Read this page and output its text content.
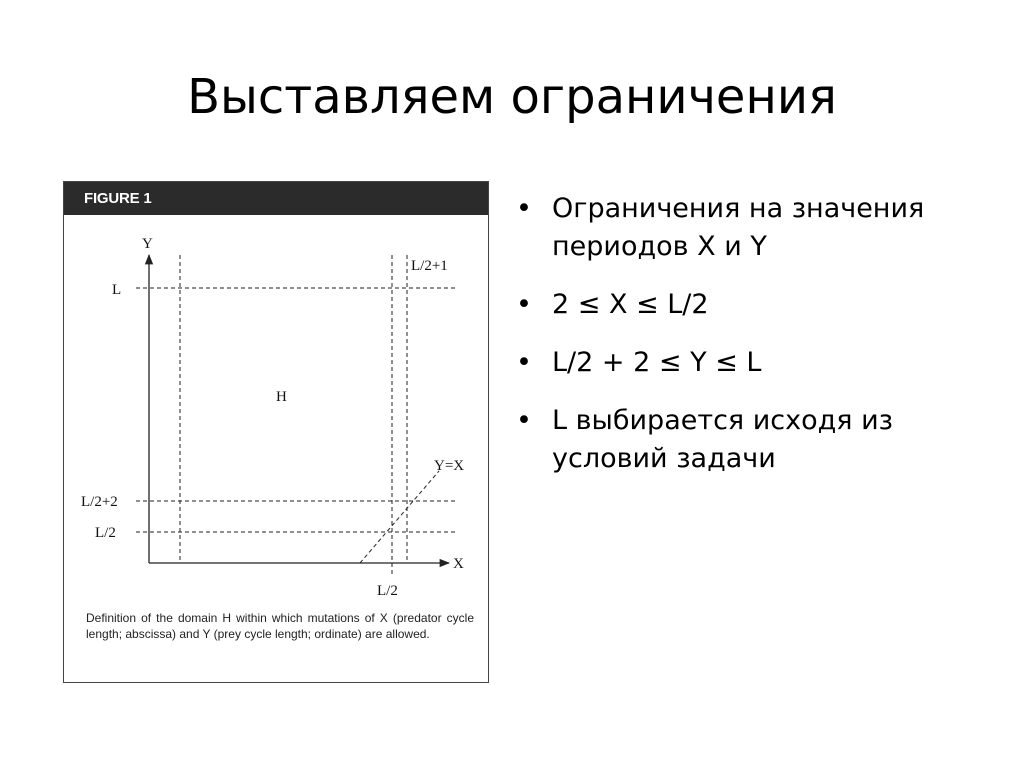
Выставляем ограничения
FIGURE 1
Y
X
L
L/2+2
L/2
L/2
L/2+1
H
Y=X
Definition of the domain H within which mutations of X (predator cycle length; abscissa) and Y (prey cycle length; ordinate) are allowed.
• Ограничения на значения периодов X и Y
• 2 ≤ X ≤ L/2
• L/2 + 2 ≤ Y ≤ L
• L выбирается исходя из условий задачи
